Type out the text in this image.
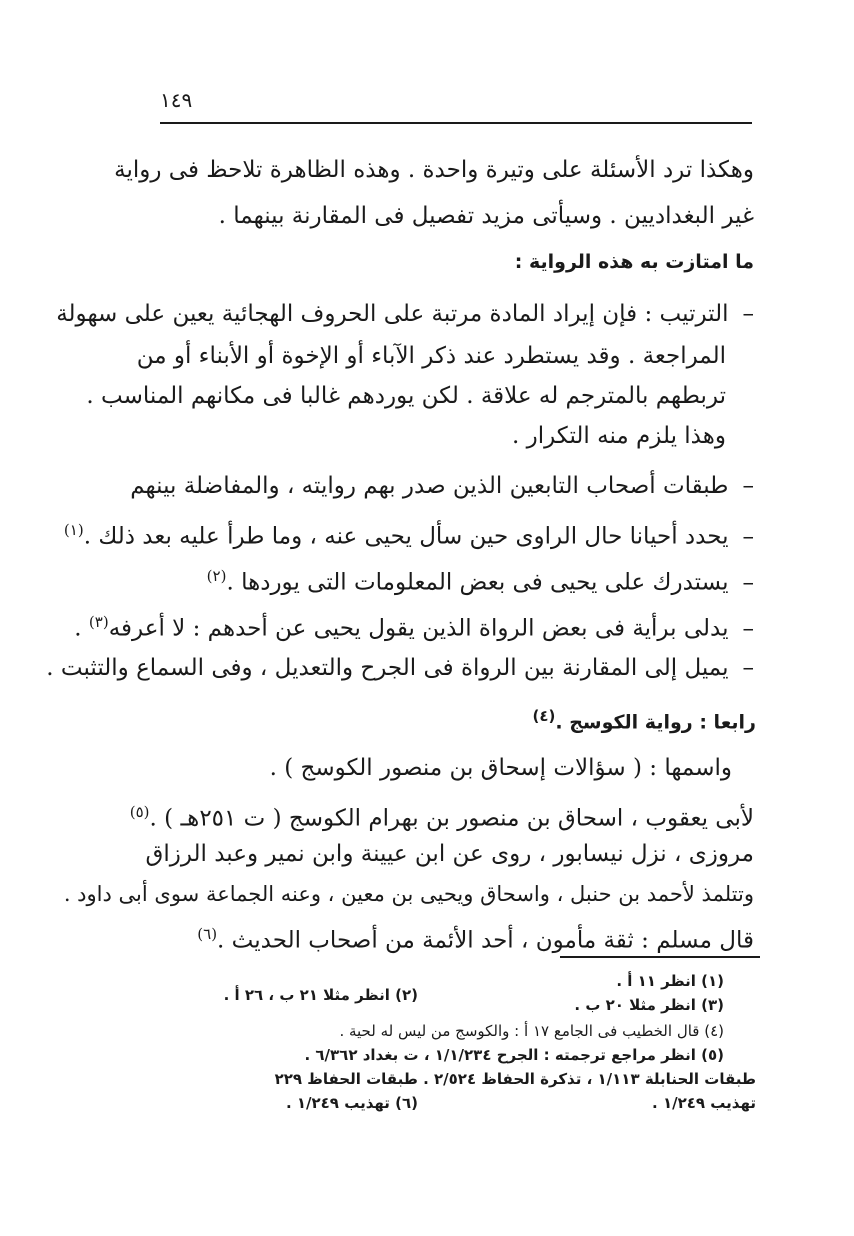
١٤٩
وهكذا ترد الأسئلة على وتيرة واحدة . وهذه الظاهرة تلاحظ فى رواية
غير البغداديين . وسيأتى مزيد تفصيل فى المقارنة بينهما .
ما امتازت به هذه الرواية :
–الترتيب : فإن إيراد المادة مرتبة على الحروف الهجائية يعين على سهولة
المراجعة . وقد يستطرد عند ذكر الآباء أو الإخوة أو الأبناء أو من
تربطهم بالمترجم له علاقة . لكن يوردهم غالبا فى مكانهم المناسب .
وهذا يلزم منه التكرار .
–طبقات أصحاب التابعين الذين صدر بهم روايته ، والمفاضلة بينهم
–يحدد أحيانا حال الراوى حين سأل يحيى عنه ، وما طرأ عليه بعد ذلك .$^{(١)}$
–يستدرك على يحيى فى بعض المعلومات التى يوردها .$^{(٢)}$
–يدلى برأية فى بعض الرواة الذين يقول يحيى عن أحدهم : لا أعرفه$^{(٣)}$ .
–يميل إلى المقارنة بين الرواة فى الجرح والتعديل ، وفى السماع والتثبت .
رابعا : رواية الكوسج .$^{(٤)}$
واسمها : ( سؤالات إسحاق بن منصور الكوسج ) .
لأبى يعقوب ، اسحاق بن منصور بن بهرام الكوسج ( ت ٢٥١هـ ) .$^{(٥)}$
مروزى ، نزل نيسابور ، روى عن ابن عيينة وابن نمير وعبد الرزاق
وتتلمذ لأحمد بن حنبل ، واسحاق ويحيى بن معين ، وعنه الجماعة سوى أبى داود .
قال مسلم : ثقة مأمون ، أحد الأئمة من أصحاب الحديث .$^{(٦)}$
(١) انظر ١١ أ .
(٢) انظر مثلا ٢١ ب ، ٢٦ أ .
(٣) انظر مثلا ٢٠ ب .
(٤) قال الخطيب فى الجامع ١٧ أ : والكوسج من ليس له لحية .
(٥) انظر مراجع ترجمته : الجرح ١/١/٢٣٤ ، ت بغداد ٦/٣٦٢ .
طبقات الحنابلة ١/١١٣ ، تذكرة الحفاظ ٢/٥٢٤ . طبقات الحفاظ ٢٢٩
تهذيب ١/٢٤٩ .
(٦) تهذيب ١/٢٤٩ .
